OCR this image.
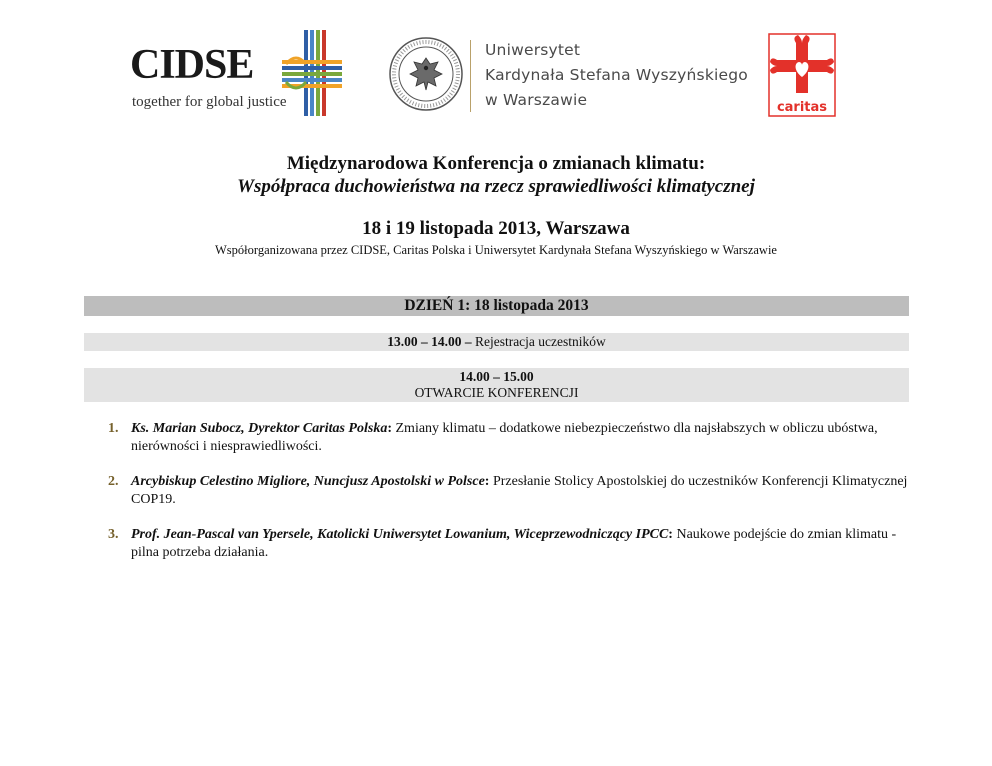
CIDSE
together for global justice
Uniwersytet
Kardynała Stefana Wyszyńskiego
w Warszawie	caritas
Międzynarodowa Konferencja o zmianach klimatu:
Współpraca duchowieństwa na rzecz sprawiedliwości klimatycznej
18 i 19 listopada 2013, Warszawa
Współorganizowana przez CIDSE, Caritas Polska i Uniwersytet Kardynała Stefana Wyszyńskiego w Warszawie
DZIEŃ 1: 18 listopada 2013
13.00 – 14.00 – Rejestracja uczestników
14.00 – 15.00
OTWARCIE KONFERENCJI
1. Ks. Marian Subocz, Dyrektor Caritas Polska: Zmiany klimatu – dodatkowe niebezpieczeństwo dla najsłabszych w obliczu ubóstwa, nierówności i niesprawiedliwości.
2. Arcybiskup Celestino Migliore, Nuncjusz Apostolski w Polsce: Przesłanie Stolicy Apostolskiej do uczestników Konferencji Klimatycznej COP19.
3. Prof. Jean-Pascal van Ypersele, Katolicki Uniwersytet Lowanium, Wiceprzewodniczący IPCC: Naukowe podejście do zmian klimatu - pilna potrzeba działania.
